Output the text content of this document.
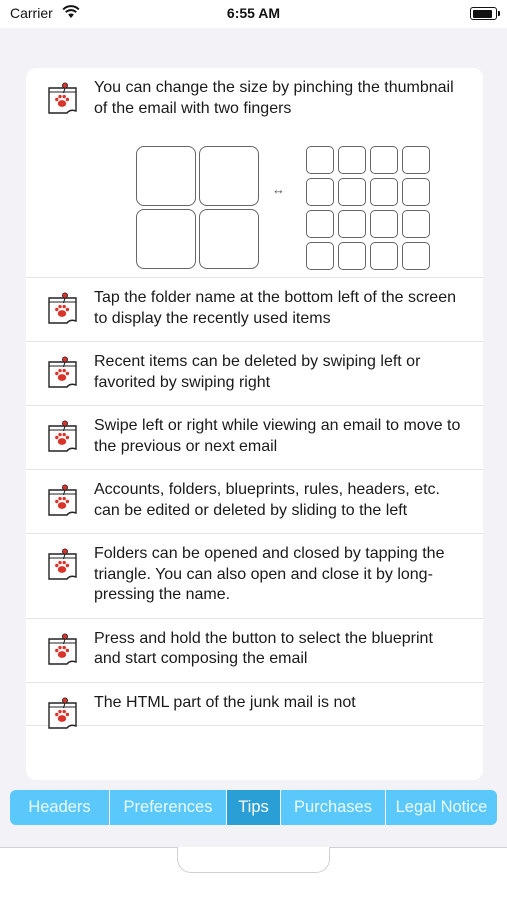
Carrier	6:55 AM
You can change the size by pinching the thumbnail of the email with two fingers
↔
Tap the folder name at the bottom left of the screen to display the recently used items
Recent items can be deleted by swiping left or favorited by swiping right
Swipe left or right while viewing an email to move to the previous or next email
Accounts, folders, blueprints, rules, headers, etc. can be edited or deleted by sliding to the left
Folders can be opened and closed by tapping the triangle. You can also open and close it by long-pressing the name.
Press and hold the button to select the blueprint and start composing the email
The HTML part of the junk mail is not
Headers	Preferences	Tips	Purchases	Legal Notice
